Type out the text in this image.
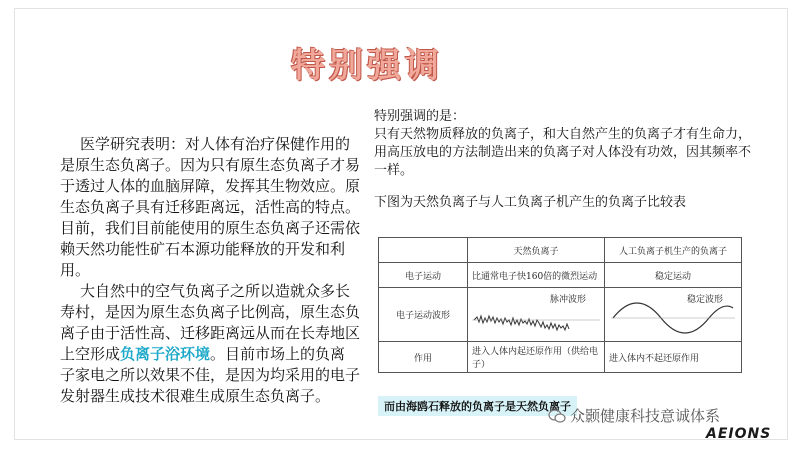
特别强调

医学研究表明：对人体有治疗保健作用的是原生态负离子。因为只有原生态负离子才易于透过人体的血脑屏障，发挥其生物效应。原生态负离子具有迁移距离远，活性高的特点。目前，我们目前能使用的原生态负离子还需依赖天然功能性矿石本源功能释放的开发和利用。

大自然中的空气负离子之所以造就众多长寿村，是因为原生态负离子比例高，原生态负离子由于活性高、迁移距离远从而在长寿地区上空形成负离子浴环境。目前市场上的负离子家电之所以效果不佳，是因为均采用的电子发射器生成技术很难生成原生态负离子。

特别强调的是：

只有天然物质释放的负离子，和大自然产生的负离子才有生命力，用高压放电的方法制造出来的负离子对人体没有功效，因其频率不一样。

下图为天然负离子与人工负离子机产生的负离子比较表

	天然负离子	人工负离子机生产的负离子
电子运动	比通常电子快160倍的微烈运动	稳定运动
电子运动波形	脉冲波形	稳定波形

作用	进入人体内起还原作用（供给电子）	进入体内不起还原作用
而由海鸥石释放的负离子是天然负离子
众颢健康科技意诚体系
AEIONS
